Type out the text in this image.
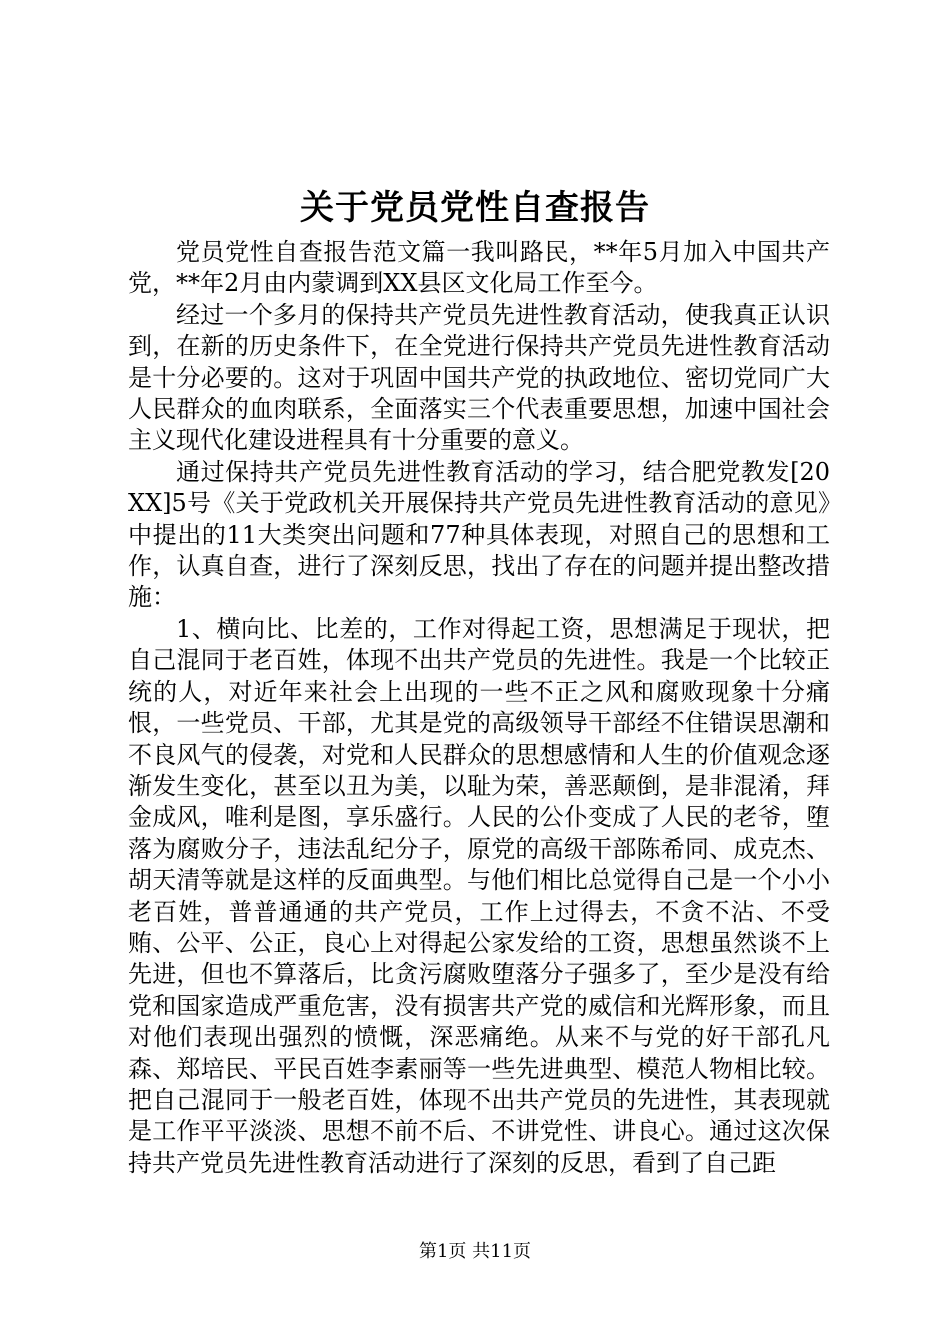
关于党员党性自查报告

党员党性自查报告范文篇一我叫路民，**年5月加入中国共产党，**年2月由内蒙调到XX县区文化局工作至今。

经过一个多月的保持共产党员先进性教育活动，使我真正认识到，在新的历史条件下，在全党进行保持共产党员先进性教育活动是十分必要的。这对于巩固中国共产党的执政地位、密切党同广大人民群众的血肉联系，全面落实三个代表重要思想，加速中国社会主义现代化建设进程具有十分重要的意义。

通过保持共产党员先进性教育活动的学习，结合肥党教发[20XX]5号《关于党政机关开展保持共产党员先进性教育活动的意见》中提出的11大类突出问题和77种具体表现，对照自己的思想和工作，认真自查，进行了深刻反思，找出了存在的问题并提出整改措施：

1、横向比、比差的，工作对得起工资，思想满足于现状，把自己混同于老百姓，体现不出共产党员的先进性。我是一个比较正统的人，对近年来社会上出现的一些不正之风和腐败现象十分痛恨，一些党员、干部，尤其是党的高级领导干部经不住错误思潮和不良风气的侵袭，对党和人民群众的思想感情和人生的价值观念逐渐发生变化，甚至以丑为美，以耻为荣，善恶颠倒，是非混淆，拜金成风，唯利是图，享乐盛行。人民的公仆变成了人民的老爷，堕落为腐败分子，违法乱纪分子，原党的高级干部陈希同、成克杰、胡天清等就是这样的反面典型。与他们相比总觉得自己是一个小小老百姓，普普通通的共产党员，工作上过得去，不贪不沾、不受贿、公平、公正，良心上对得起公家发给的工资，思想虽然谈不上先进，但也不算落后，比贪污腐败堕落分子强多了，至少是没有给党和国家造成严重危害，没有损害共产党的威信和光辉形象，而且对他们表现出强烈的愤慨，深恶痛绝。从来不与党的好干部孔凡森、郑培民、平民百姓李素丽等一些先进典型、模范人物相比较。把自己混同于一般老百姓，体现不出共产党员的先进性，其表现就是工作平平淡淡、思想不前不后、不讲党性、讲良心。通过这次保持共产党员先进性教育活动进行了深刻的反思，看到了自己距

第1页 共11页
